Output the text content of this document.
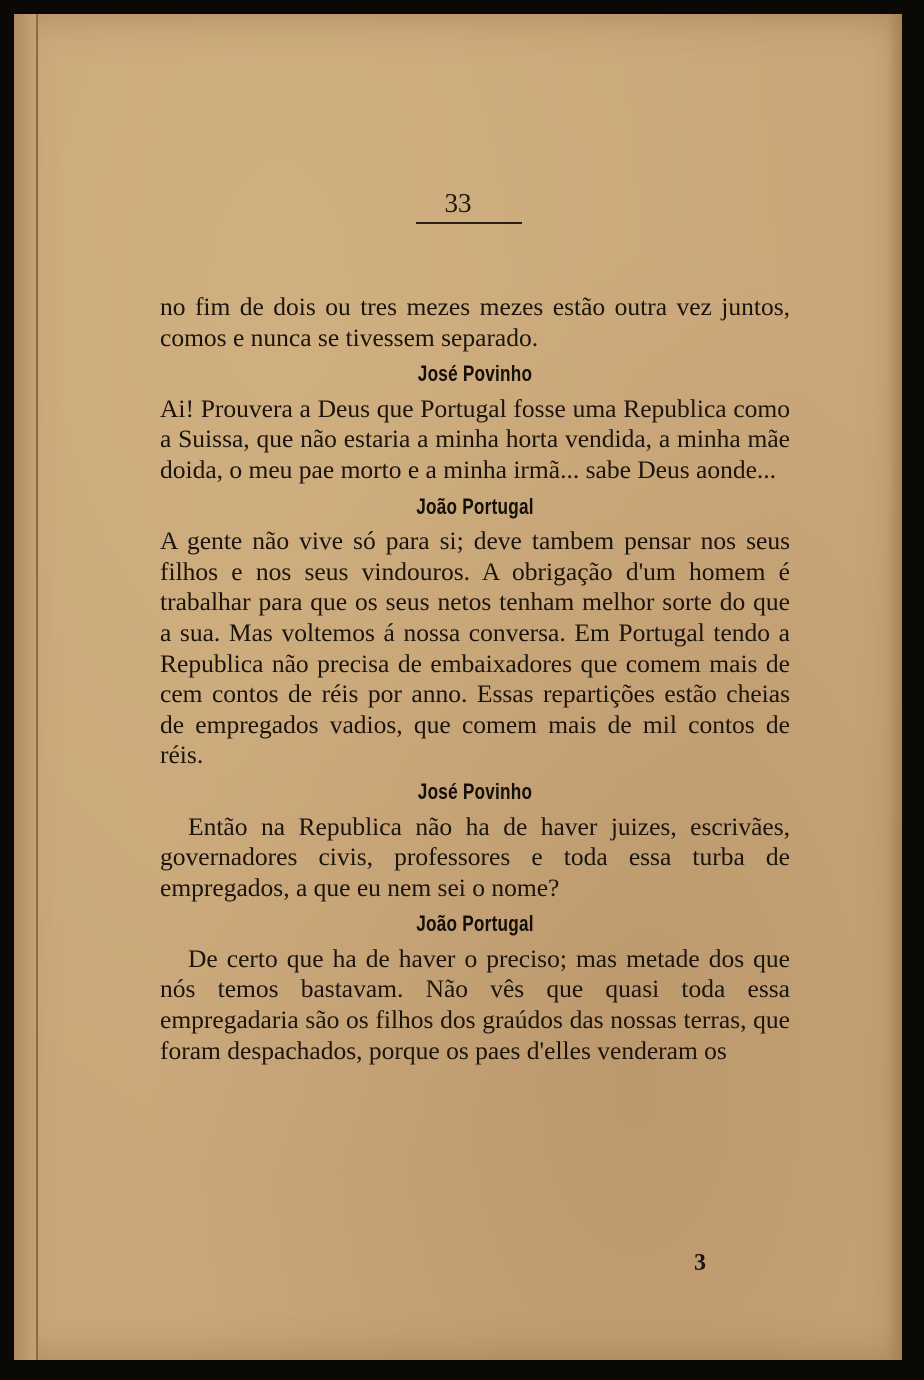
33

no fim de dois ou tres mezes mezes estão outra vez juntos, comos e nunca se tivessem separado.

José Povinho

Ai! Prouvera a Deus que Portugal fosse uma Republica como a Suissa, que não estaria a minha horta vendida, a minha mãe doida, o meu pae morto e a minha irmã... sabe Deus aonde...

João Portugal

A gente não vive só para si; deve tambem pensar nos seus filhos e nos seus vindouros. A obrigação d'um homem é trabalhar para que os seus netos tenham melhor sorte do que a sua. Mas voltemos á nossa conversa. Em Portugal tendo a Republica não precisa de embaixadores que comem mais de cem contos de réis por anno. Essas repartições estão cheias de empregados vadios, que comem mais de mil contos de réis.

José Povinho

Então na Republica não ha de haver juizes, escrivães, governadores civis, professores e toda essa turba de empregados, a que eu nem sei o nome?

João Portugal

De certo que ha de haver o preciso; mas metade dos que nós temos bastavam. Não vês que quasi toda essa empregadaria são os filhos dos graúdos das nossas terras, que foram despachados, porque os paes d'elles venderam os

3
